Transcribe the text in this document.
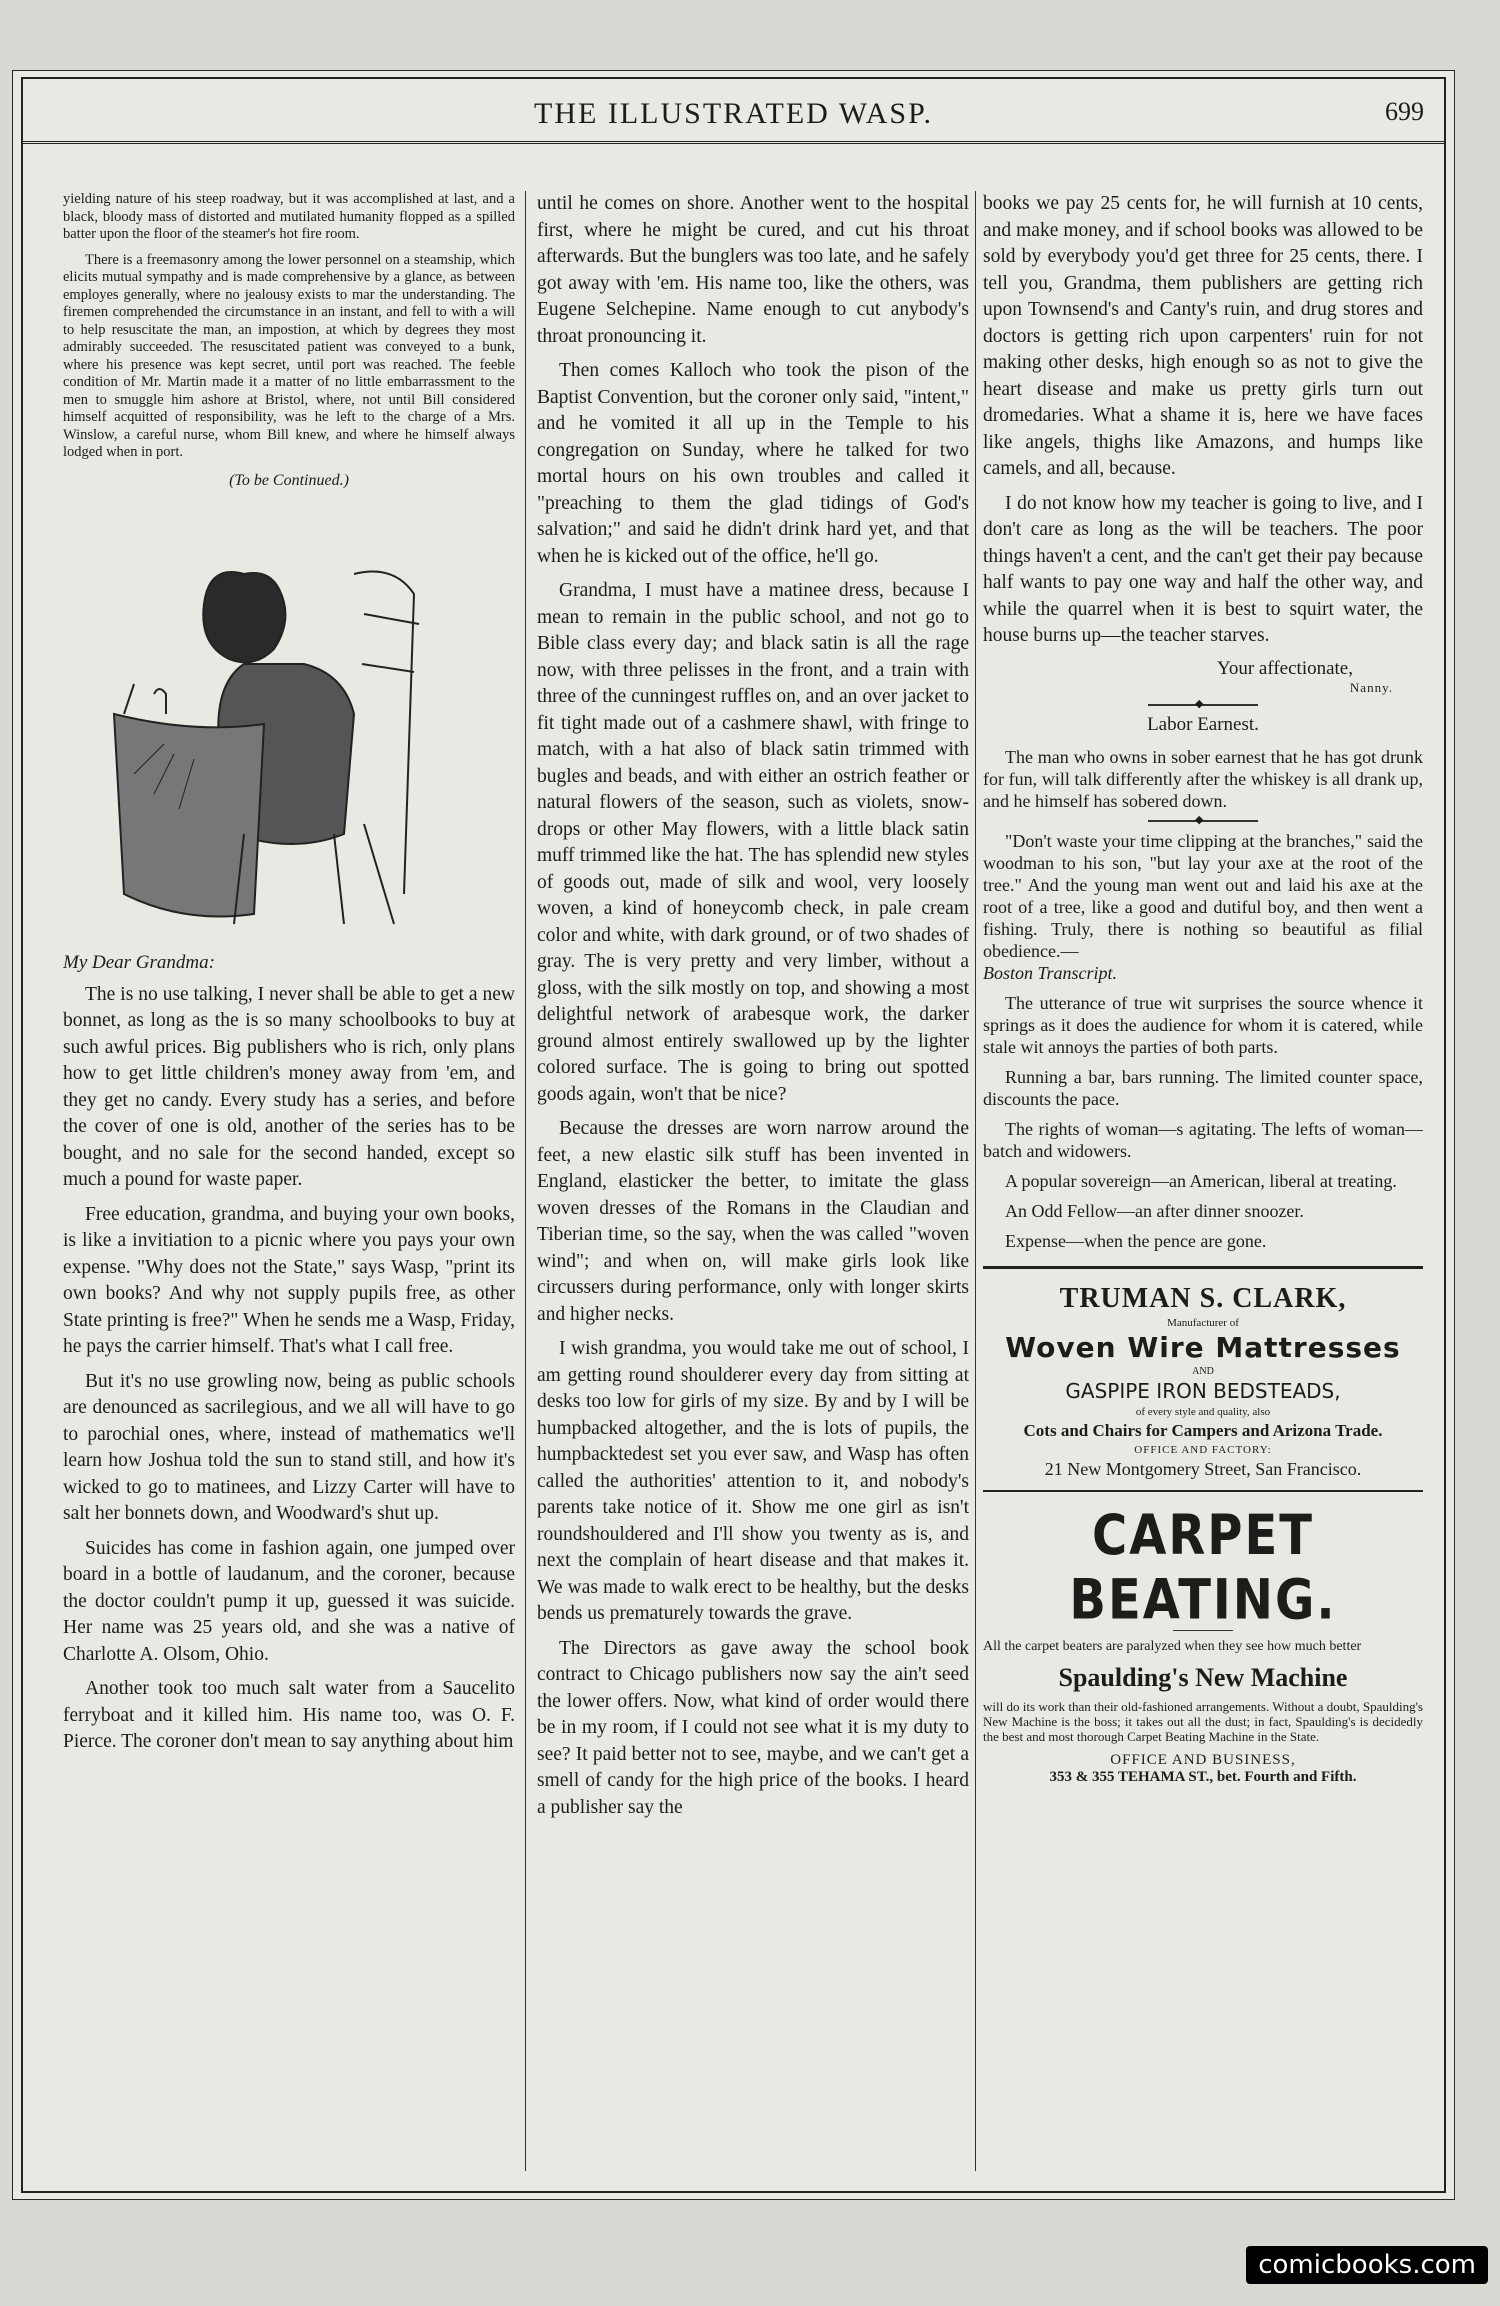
THE ILLUSTRATED WASP.	699

yielding nature of his steep roadway, but it was accomplished at last, and a black, bloody mass of distorted and mutilated humanity flopped as a spilled batter upon the floor of the steamer's hot fire room.

There is a freemasonry among the lower personnel on a steamship, which elicits mutual sympathy and is made comprehensive by a glance, as between employes generally, where no jealousy exists to mar the understanding. The firemen comprehended the circumstance in an instant, and fell to with a will to help resuscitate the man, an impostion, at which by degrees they most admirably succeeded. The resuscitated patient was conveyed to a bunk, where his presence was kept secret, until port was reached. The feeble condition of Mr. Martin made it a matter of no little embarrassment to the men to smuggle him ashore at Bristol, where, not until Bill considered himself acquitted of responsibility, was he left to the charge of a Mrs. Winslow, a careful nurse, whom Bill knew, and where he himself always lodged when in port.

(To be Continued.)
My Dear Grandma:

The is no use talking, I never shall be able to get a new bonnet, as long as the is so many schoolbooks to buy at such awful prices. Big publishers who is rich, only plans how to get little children's money away from 'em, and they get no candy. Every study has a series, and before the cover of one is old, another of the series has to be bought, and no sale for the second handed, except so much a pound for waste paper.

Free education, grandma, and buying your own books, is like a invitiation to a picnic where you pays your own expense. "Why does not the State," says Wasp, "print its own books? And why not supply pupils free, as other State printing is free?" When he sends me a Wasp, Friday, he pays the carrier himself. That's what I call free.

But it's no use growling now, being as public schools are denounced as sacrilegious, and we all will have to go to parochial ones, where, instead of mathematics we'll learn how Joshua told the sun to stand still, and how it's wicked to go to matinees, and Lizzy Carter will have to salt her bonnets down, and Woodward's shut up.

Suicides has come in fashion again, one jumped over board in a bottle of laudanum, and the coroner, because the doctor couldn't pump it up, guessed it was suicide. Her name was 25 years old, and she was a native of Charlotte A. Olsom, Ohio.

Another took too much salt water from a Saucelito ferryboat and it killed him. His name too, was O. F. Pierce. The coroner don't mean to say anything about him

until he comes on shore. Another went to the hospital first, where he might be cured, and cut his throat afterwards. But the bunglers was too late, and he safely got away with 'em. His name too, like the others, was Eugene Selchepine. Name enough to cut anybody's throat pronouncing it.

Then comes Kalloch who took the pison of the Baptist Convention, but the coroner only said, "intent," and he vomited it all up in the Temple to his congregation on Sunday, where he talked for two mortal hours on his own troubles and called it "preaching to them the glad tidings of God's salvation;" and said he didn't drink hard yet, and that when he is kicked out of the office, he'll go.

Grandma, I must have a matinee dress, because I mean to remain in the public school, and not go to Bible class every day; and black satin is all the rage now, with three pelisses in the front, and a train with three of the cunningest ruffles on, and an over jacket to fit tight made out of a cashmere shawl, with fringe to match, with a hat also of black satin trimmed with bugles and beads, and with either an ostrich feather or natural flowers of the season, such as violets, snow-drops or other May flowers, with a little black satin muff trimmed like the hat. The has splendid new styles of goods out, made of silk and wool, very loosely woven, a kind of honeycomb check, in pale cream color and white, with dark ground, or of two shades of gray. The is very pretty and very limber, without a gloss, with the silk mostly on top, and showing a most delightful network of arabesque work, the darker ground almost entirely swallowed up by the lighter colored surface. The is going to bring out spotted goods again, won't that be nice?

Because the dresses are worn narrow around the feet, a new elastic silk stuff has been invented in England, elasticker the better, to imitate the glass woven dresses of the Romans in the Claudian and Tiberian time, so the say, when the was called "woven wind"; and when on, will make girls look like circussers during performance, only with longer skirts and higher necks.

I wish grandma, you would take me out of school, I am getting round shoulderer every day from sitting at desks too low for girls of my size. By and by I will be humpbacked altogether, and the is lots of pupils, the humpbacktedest set you ever saw, and Wasp has often called the authorities' attention to it, and nobody's parents take notice of it. Show me one girl as isn't roundshouldered and I'll show you twenty as is, and next the complain of heart disease and that makes it. We was made to walk erect to be healthy, but the desks bends us prematurely towards the grave.

The Directors as gave away the school book contract to Chicago publishers now say the ain't seed the lower offers. Now, what kind of order would there be in my room, if I could not see what it is my duty to see? It paid better not to see, maybe, and we can't get a smell of candy for the high price of the books. I heard a publisher say the

books we pay 25 cents for, he will furnish at 10 cents, and make money, and if school books was allowed to be sold by everybody you'd get three for 25 cents, there. I tell you, Grandma, them publishers are getting rich upon Townsend's and Canty's ruin, and drug stores and doctors is getting rich upon carpenters' ruin for not making other desks, high enough so as not to give the heart disease and make us pretty girls turn out dromedaries. What a shame it is, here we have faces like angels, thighs like Amazons, and humps like camels, and all, because.

I do not know how my teacher is going to live, and I don't care as long as the will be teachers. The poor things haven't a cent, and the can't get their pay because half wants to pay one way and half the other way, and while the quarrel when it is best to squirt water, the house burns up—the teacher starves.

Your affectionate,
Nanny.
◆
Labor Earnest.

The man who owns in sober earnest that he has got drunk for fun, will talk differently after the whiskey is all drank up, and he himself has sobered down.

◆

"Don't waste your time clipping at the branches," said the woodman to his son, "but lay your axe at the root of the tree." And the young man went out and laid his axe at the root of a tree, like a good and dutiful boy, and then went a fishing. Truly, there is nothing so beautiful as filial obedience.—

Boston Transcript.

The utterance of true wit surprises the source whence it springs as it does the audience for whom it is catered, while stale wit annoys the parties of both parts.

Running a bar, bars running. The limited counter space, discounts the pace.

The rights of woman—s agitating. The lefts of woman—batch and widowers.

A popular sovereign—an American, liberal at treating.

An Odd Fellow—an after dinner snoozer.

Expense—when the pence are gone.

TRUMAN S. CLARK,
Manufacturer of
Woven Wire Mattresses
AND
GASPIPE IRON BEDSTEADS,
of every style and quality, also
Cots and Chairs for Campers and Arizona Trade.
OFFICE AND FACTORY:
21 New Montgomery Street, San Francisco.
CARPET BEATING.
All the carpet beaters are paralyzed when they see how much better
Spaulding's New Machine
will do its work than their old-fashioned arrangements. Without a doubt, Spaulding's New Machine is the boss; it takes out all the dust; in fact, Spaulding's is decidedly the best and most thorough Carpet Beating Machine in the State.
OFFICE AND BUSINESS,
353 & 355 TEHAMA ST., bet. Fourth and Fifth.
comicbooks.com
